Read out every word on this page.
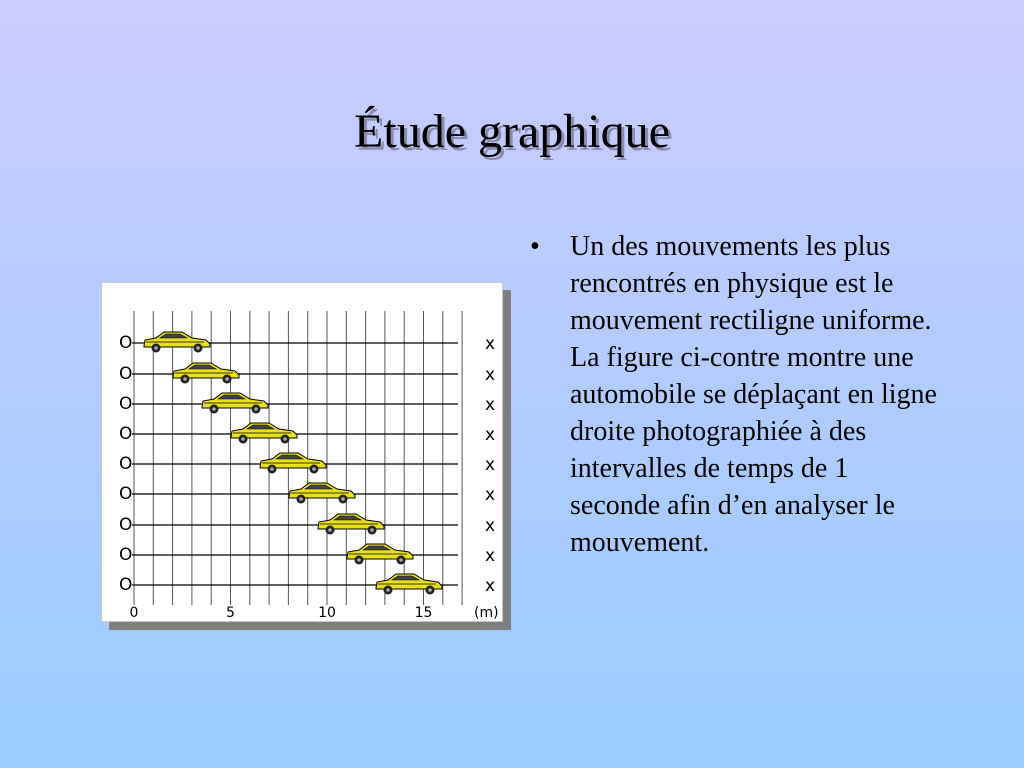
Étude graphique
• Un des mouvements les plus rencontrés en physique est le mouvement rectiligne uniforme. La figure ci-contre montre une automobile se déplaçant en ligne droite photographiée à des intervalles de temps de 1 seconde afin d’en analyser le mouvement.
O	x
O	x
O	x
O	x
O	x
O	x
O	x
O	x
O	x
0	5	10	15	(m)
